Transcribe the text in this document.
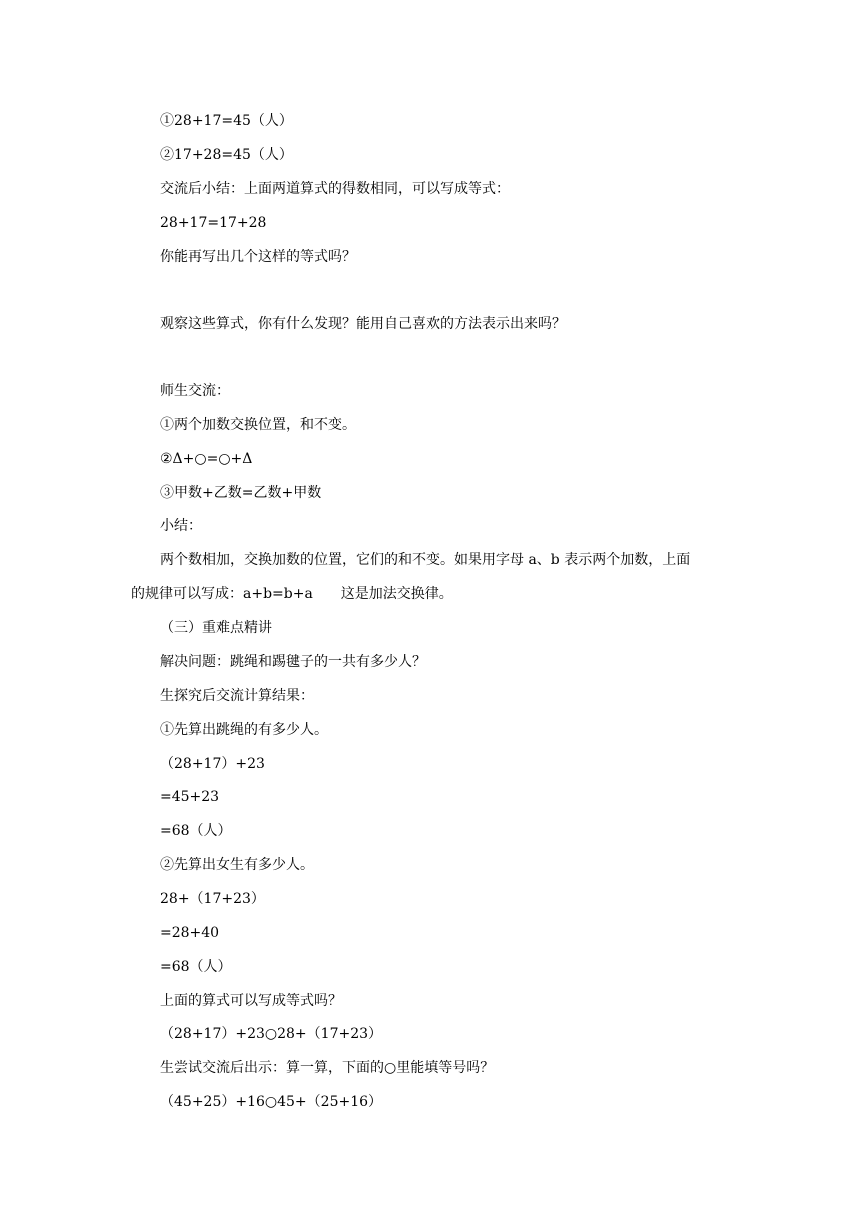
①28+17=45（人）
②17+28=45（人）
交流后小结：上面两道算式的得数相同，可以写成等式：
28+17=17+28
你能再写出几个这样的等式吗？
观察这些算式，你有什么发现？能用自己喜欢的方法表示出来吗？
师生交流：
①两个加数交换位置，和不变。
②Δ+○=○+Δ
③甲数+乙数=乙数+甲数
小结：
两个数相加，交换加数的位置，它们的和不变。如果用字母 a、b 表示两个加数，上面
的规律可以写成：a+b=b+a　　这是加法交换律。
（三）重难点精讲
解决问题：跳绳和踢毽子的一共有多少人？
生探究后交流计算结果：
①先算出跳绳的有多少人。
（28+17）+23
=45+23
=68（人）
②先算出女生有多少人。
28+（17+23）
=28+40
=68（人）
上面的算式可以写成等式吗？
（28+17）+23○28+（17+23）
生尝试交流后出示：算一算，下面的○里能填等号吗？
（45+25）+16○45+（25+16）
